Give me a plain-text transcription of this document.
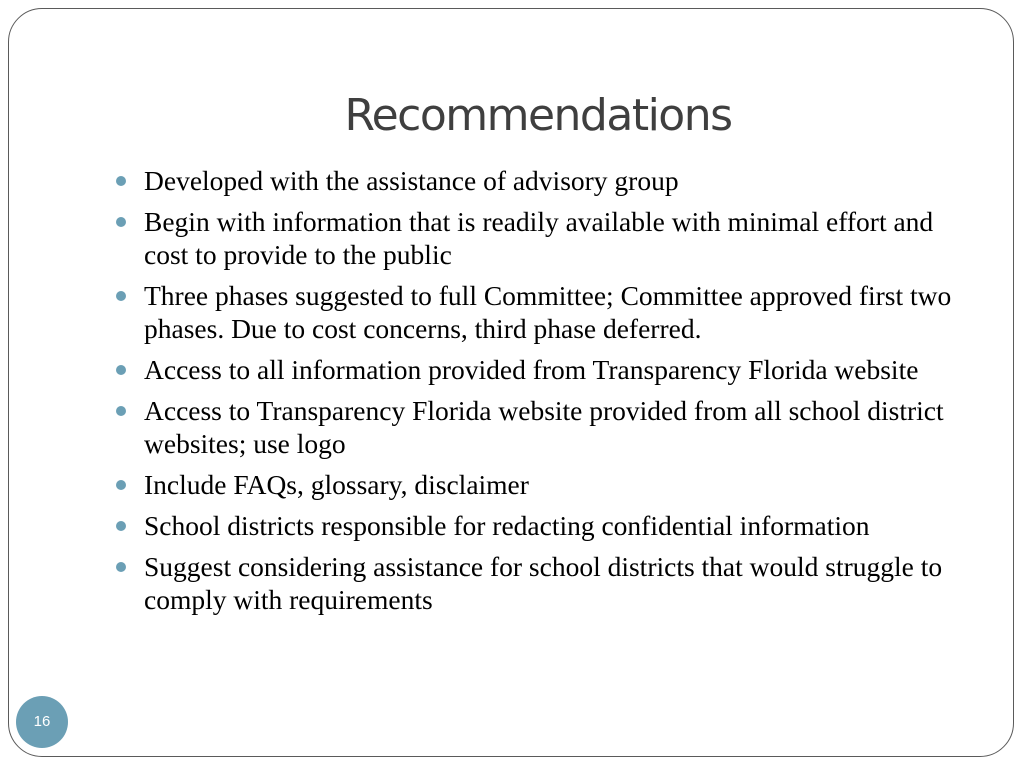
Recommendations
Developed with the assistance of advisory group
Begin with information that is readily available with minimal effort and cost to provide to the public
Three phases suggested to full Committee; Committee approved first two phases. Due to cost concerns, third phase deferred.
Access to all information provided from Transparency Florida website
Access to Transparency Florida website provided from all school district websites; use logo
Include FAQs, glossary, disclaimer
School districts responsible for redacting confidential information
Suggest considering assistance for school districts that would struggle to comply with requirements
16
